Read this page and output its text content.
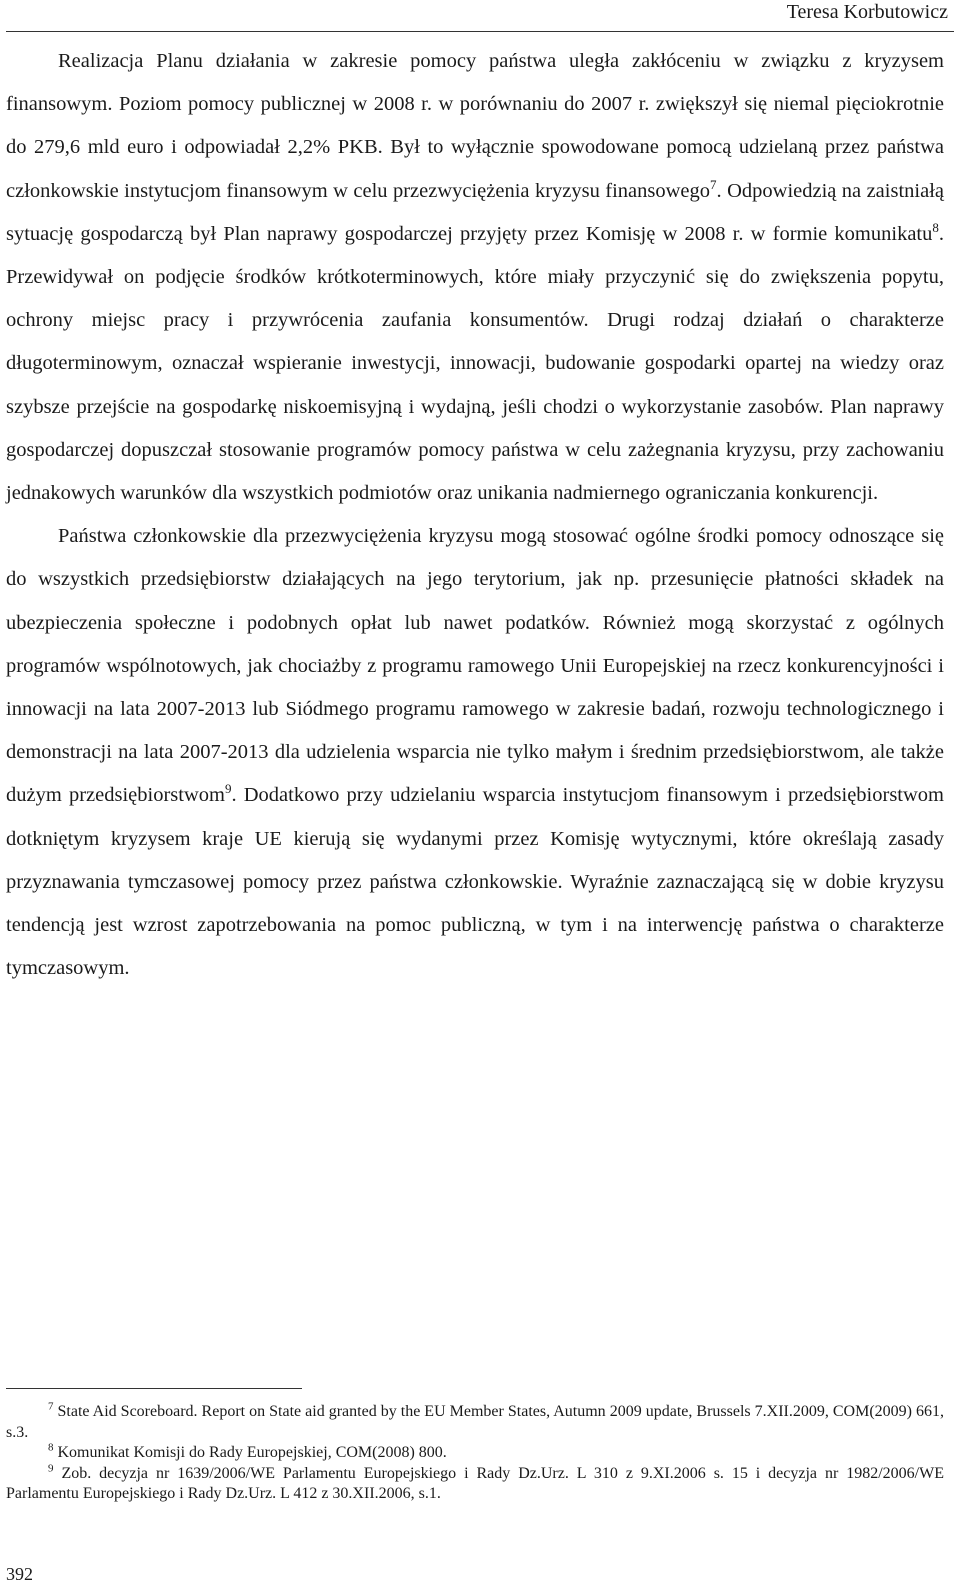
Teresa Korbutowicz

Realizacja Planu działania w zakresie pomocy państwa uległa zakłóceniu w związku z kryzysem finansowym. Poziom pomocy publicznej w 2008 r. w porównaniu do 2007 r. zwiększył się niemal pięciokrotnie do 279,6 mld euro i odpowiadał 2,2% PKB. Był to wyłącznie spowodowane pomocą udzielaną przez państwa członkowskie instytucjom finansowym w celu przezwyciężenia kryzysu finansowego$^7$. Odpowiedzią na zaistniałą sytuację gospodarczą był Plan naprawy gospodarczej przyjęty przez Komisję w 2008 r. w formie komunikatu$^8$. Przewidywał on podjęcie środków krótkoterminowych, które miały przyczynić się do zwiększenia popytu, ochrony miejsc pracy i przywrócenia zaufania konsumentów. Drugi rodzaj działań o charakterze długoterminowym, oznaczał wspieranie inwestycji, innowacji, budowanie gospodarki opartej na wiedzy oraz szybsze przejście na gospodarkę niskoemisyjną i wydajną, jeśli chodzi o wykorzystanie zasobów. Plan naprawy gospodarczej dopuszczał stosowanie programów pomocy państwa w celu zażegnania kryzysu, przy zachowaniu jednakowych warunków dla wszystkich podmiotów oraz unikania nadmiernego ograniczania konkurencji.

Państwa członkowskie dla przezwyciężenia kryzysu mogą stosować ogólne środki pomocy odnoszące się do wszystkich przedsiębiorstw działających na jego terytorium, jak np. przesunięcie płatności składek na ubezpieczenia społeczne i podobnych opłat lub nawet podatków. Również mogą skorzystać z ogólnych programów wspólnotowych, jak chociażby z programu ramowego Unii Europejskiej na rzecz konkurencyjności i innowacji na lata 2007-2013 lub Siódmego programu ramowego w zakresie badań, rozwoju technologicznego i demonstracji na lata 2007-2013 dla udzielenia wsparcia nie tylko małym i średnim przedsiębiorstwom, ale także dużym przedsiębiorstwom$^9$. Dodatkowo przy udzielaniu wsparcia instytucjom finansowym i przedsiębiorstwom dotkniętym kryzysem kraje UE kierują się wydanymi przez Komisję wytycznymi, które określają zasady przyznawania tymczasowej pomocy przez państwa członkowskie. Wyraźnie zaznaczającą się w dobie kryzysu tendencją jest wzrost zapotrzebowania na pomoc publiczną, w tym i na interwencję państwa o charakterze tymczasowym.

$^7$ State Aid Scoreboard. Report on State aid granted by the EU Member States, Autumn 2009 update, Brussels 7.XII.2009, COM(2009) 661, s.3.

$^8$ Komunikat Komisji do Rady Europejskiej, COM(2008) 800.

$^9$ Zob. decyzja nr 1639/2006/WE Parlamentu Europejskiego i Rady Dz.Urz. L 310 z 9.XI.2006 s. 15 i decyzja nr 1982/2006/WE Parlamentu Europejskiego i Rady Dz.Urz. L 412 z 30.XII.2006, s.1.

392
